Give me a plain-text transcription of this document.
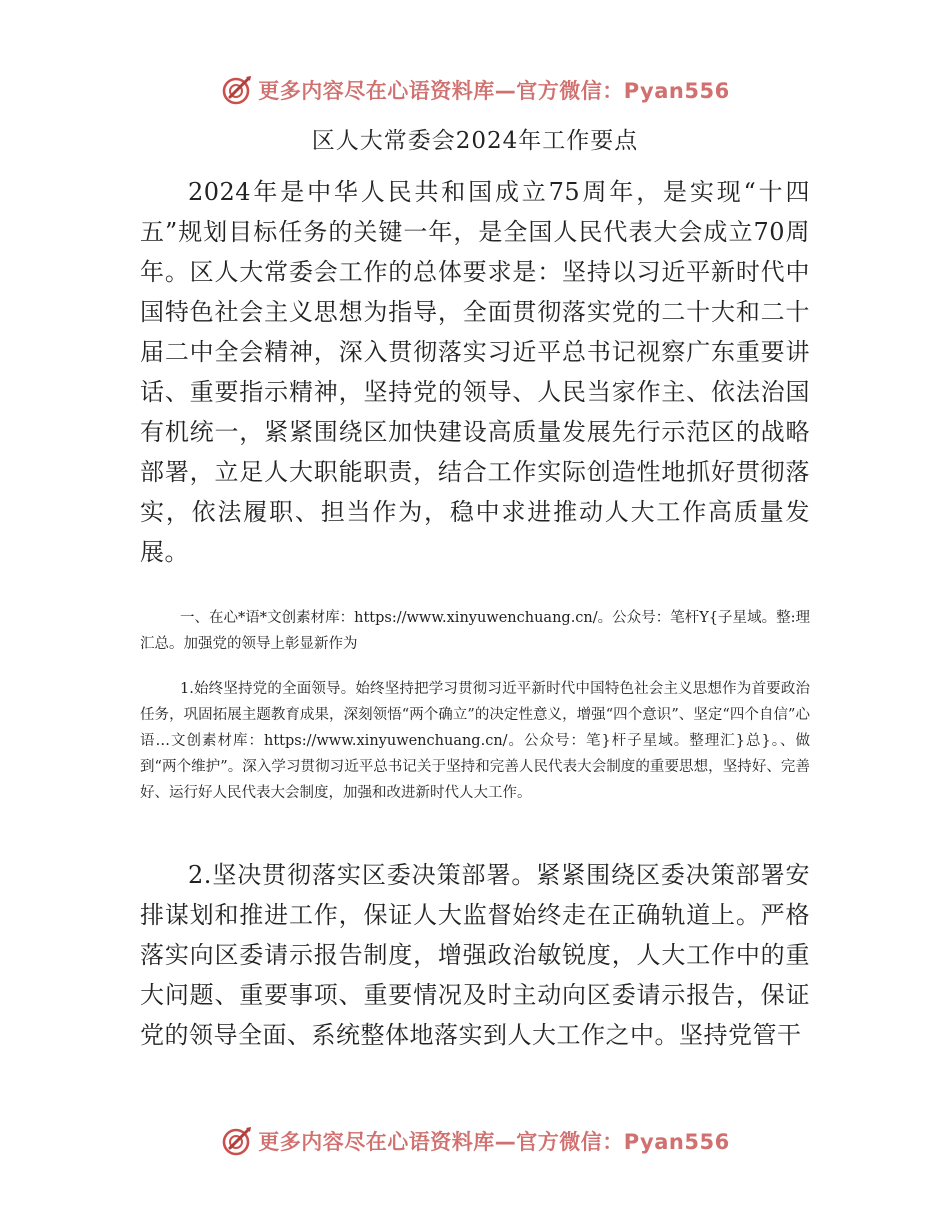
更多内容尽在心语资料库—官方微信：Pyan556
区人大常委会2024年工作要点

2024年是中华人民共和国成立75周年，是实现“十四五”规划目标任务的关键一年，是全国人民代表大会成立70周年。区人大常委会工作的总体要求是：坚持以习近平新时代中国特色社会主义思想为指导，全面贯彻落实党的二十大和二十届二中全会精神，深入贯彻落实习近平总书记视察广东重要讲话、重要指示精神，坚持党的领导、人民当家作主、依法治国有机统一，紧紧围绕区加快建设高质量发展先行示范区的战略部署，立足人大职能职责，结合工作实际创造性地抓好贯彻落实，依法履职、担当作为，稳中求进推动人大工作高质量发展。

一、在心*语*文创素材库：https://www.xinyuwenchuang.cn/。公众号：笔杆Y{子星域。整:理汇总。加强党的领导上彰显新作为

1.始终坚持党的全面领导。始终坚持把学习贯彻习近平新时代中国特色社会主义思想作为首要政治任务，巩固拓展主题教育成果，深刻领悟“两个确立”的决定性意义，增强“四个意识”、坚定“四个自信”心语…文创素材库：https://www.xinyuwenchuang.cn/。公众号：笔}杆子星域。整理汇}总}。、做到“两个维护”。深入学习贯彻习近平总书记关于坚持和完善人民代表大会制度的重要思想，坚持好、完善好、运行好人民代表大会制度，加强和改进新时代人大工作。

2.坚决贯彻落实区委决策部署。紧紧围绕区委决策部署安排谋划和推进工作，保证人大监督始终走在正确轨道上。严格落实向区委请示报告制度，增强政治敏锐度，人大工作中的重大问题、重要事项、重要情况及时主动向区委请示报告，保证党的领导全面、系统整体地落实到人大工作之中。坚持党管干

更多内容尽在心语资料库—官方微信：Pyan556
